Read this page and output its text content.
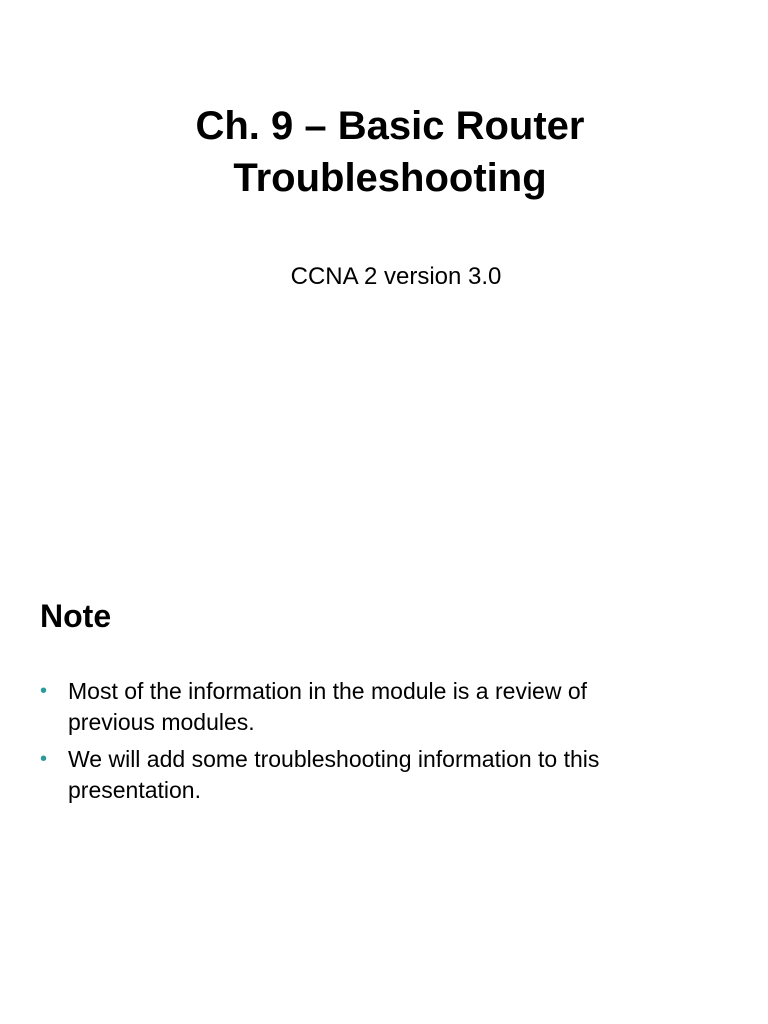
Ch. 9 – Basic Router
Troubleshooting

CCNA 2 version 3.0

Note
• Most of the information in the module is a review of
previous modules.
• We will add some troubleshooting information to this
presentation.
